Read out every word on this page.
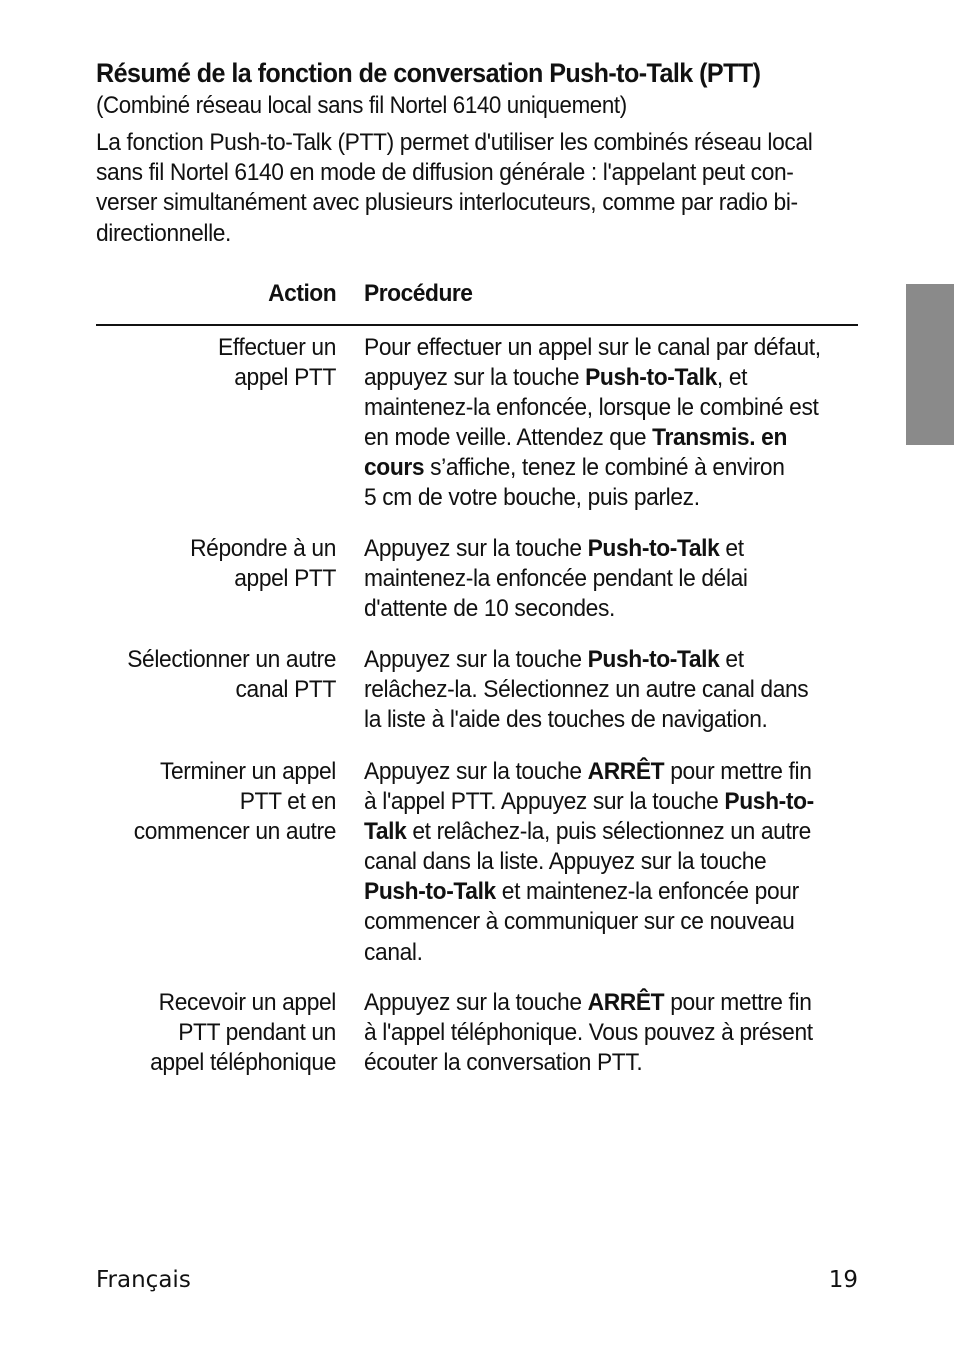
Résumé de la fonction de conversation Push-to-Talk (PTT)
(Combiné réseau local sans fil Nortel 6140 uniquement)
La fonction Push-to-Talk (PTT) permet d'utiliser les combinés réseau local
sans fil Nortel 6140 en mode de diffusion générale : l'appelant peut con-
verser simultanément avec plusieurs interlocuteurs, comme par radio bi-
directionnelle.
Action Procédure
Effectuer un
appel PTT
Pour effectuer un appel sur le canal par défaut,
appuyez sur la touche Push-to-Talk, et
maintenez-la enfoncée, lorsque le combiné est
en mode veille. Attendez que Transmis. en
cours s’affiche, tenez le combiné à environ
5 cm de votre bouche, puis parlez.
Répondre à un
appel PTT
Appuyez sur la touche Push-to-Talk et
maintenez-la enfoncée pendant le délai
d'attente de 10 secondes.
Sélectionner un autre
canal PTT
Appuyez sur la touche Push-to-Talk et
relâchez-la. Sélectionnez un autre canal dans
la liste à l'aide des touches de navigation.
Terminer un appel
PTT et en
commencer un autre
Appuyez sur la touche ARRÊT pour mettre fin
à l'appel PTT. Appuyez sur la touche Push-to-
Talk et relâchez-la, puis sélectionnez un autre
canal dans la liste. Appuyez sur la touche
Push-to-Talk et maintenez-la enfoncée pour
commencer à communiquer sur ce nouveau
canal.
Recevoir un appel
PTT pendant un
appel téléphonique
Appuyez sur la touche ARRÊT pour mettre fin
à l'appel téléphonique. Vous pouvez à présent
écouter la conversation PTT.
Français	19
